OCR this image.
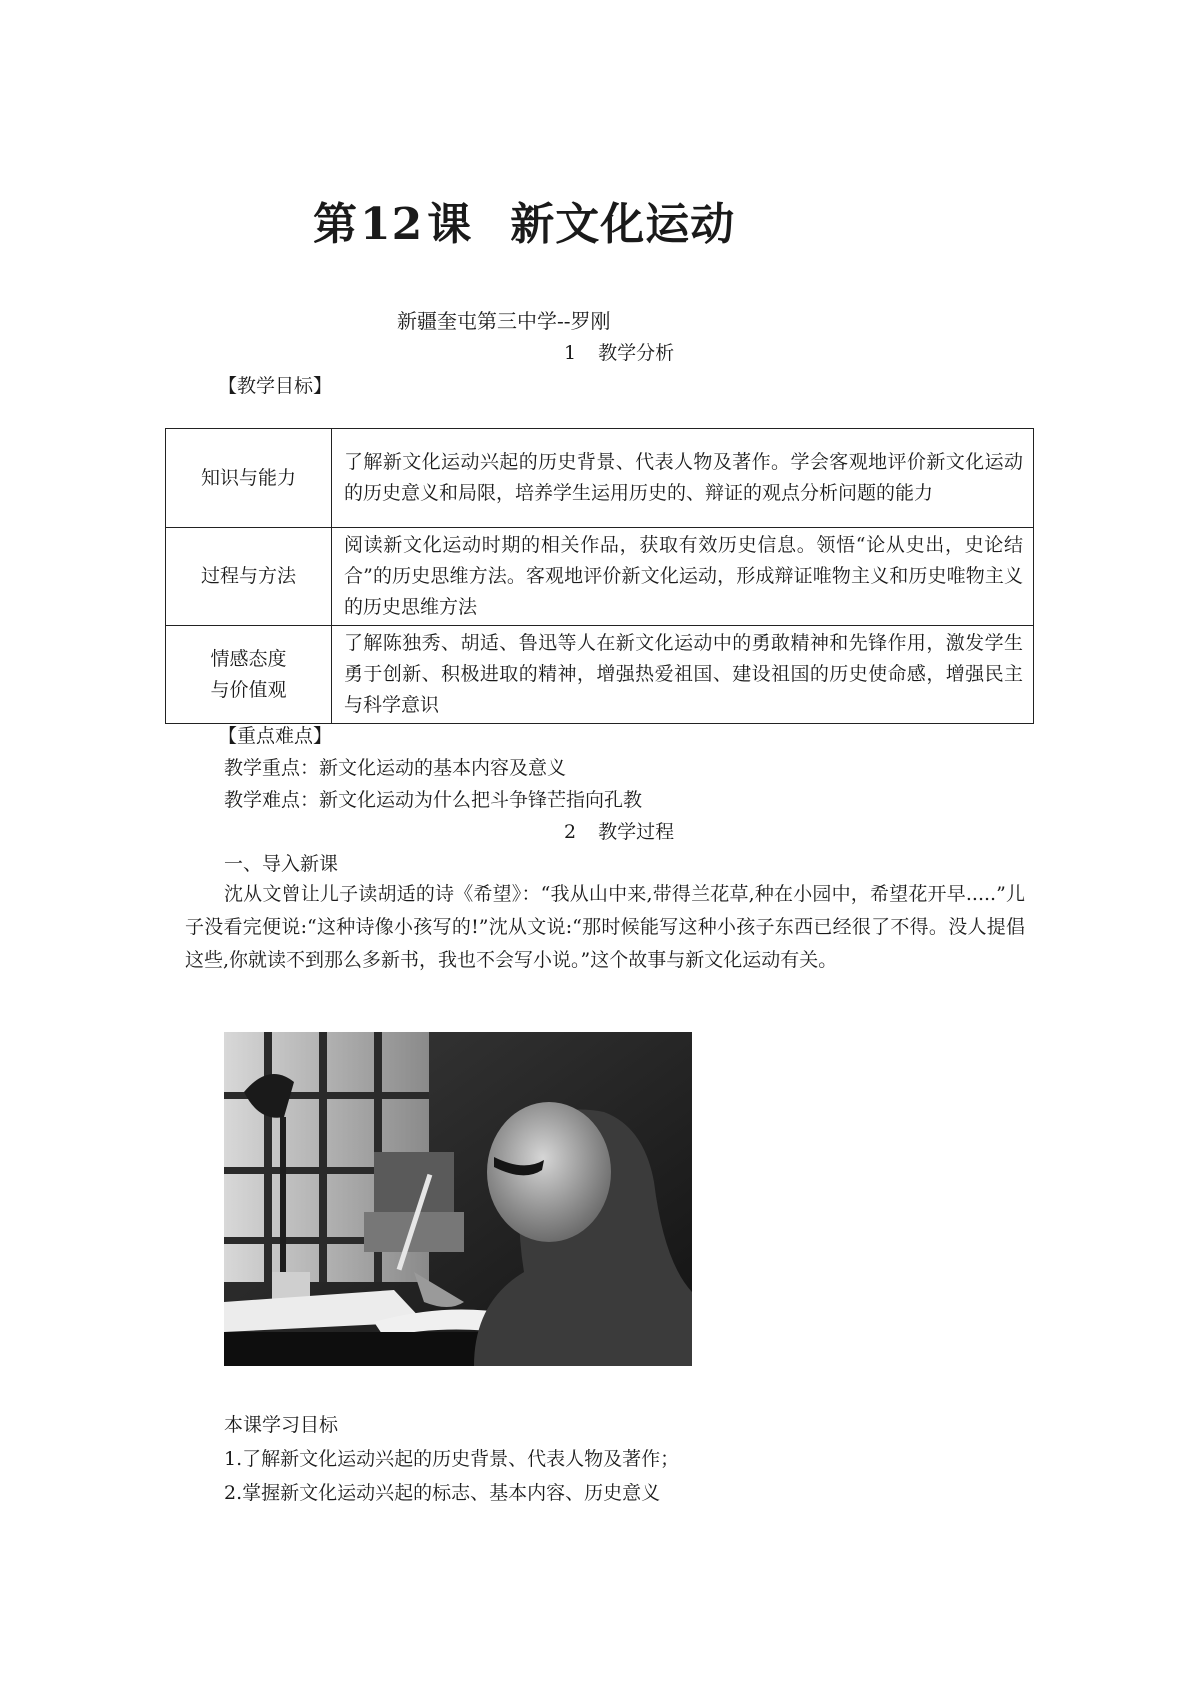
第12课 新文化运动
新疆奎屯第三中学--罗刚
1 教学分析
【教学目标】
知识与能力	了解新文化运动兴起的历史背景、代表人物及著作。学会客观地评价新文化运动的历史意义和局限，培养学生运用历史的、辩证的观点分析问题的能力
过程与方法	阅读新文化运动时期的相关作品，获取有效历史信息。领悟“论从史出，史论结合”的历史思维方法。客观地评价新文化运动，形成辩证唯物主义和历史唯物主义的历史思维方法
情感态度
与价值观	了解陈独秀、胡适、鲁迅等人在新文化运动中的勇敢精神和先锋作用，激发学生勇于创新、积极进取的精神，增强热爱祖国、建设祖国的历史使命感，增强民主与科学意识
【重点难点】
教学重点：新文化运动的基本内容及意义
教学难点：新文化运动为什么把斗争锋芒指向孔教
2 教学过程
一、导入新课
沈从文曾让儿子读胡适的诗《希望》：“我从山中来,带得兰花草,种在小园中，希望花开早.....”儿子没看完便说:“这种诗像小孩写的!”沈从文说:“那时候能写这种小孩子东西已经很了不得。没人提倡这些,你就读不到那么多新书，我也不会写小说。”这个故事与新文化运动有关。
本课学习目标
1.了解新文化运动兴起的历史背景、代表人物及著作；
2.掌握新文化运动兴起的标志、基本内容、历史意义
